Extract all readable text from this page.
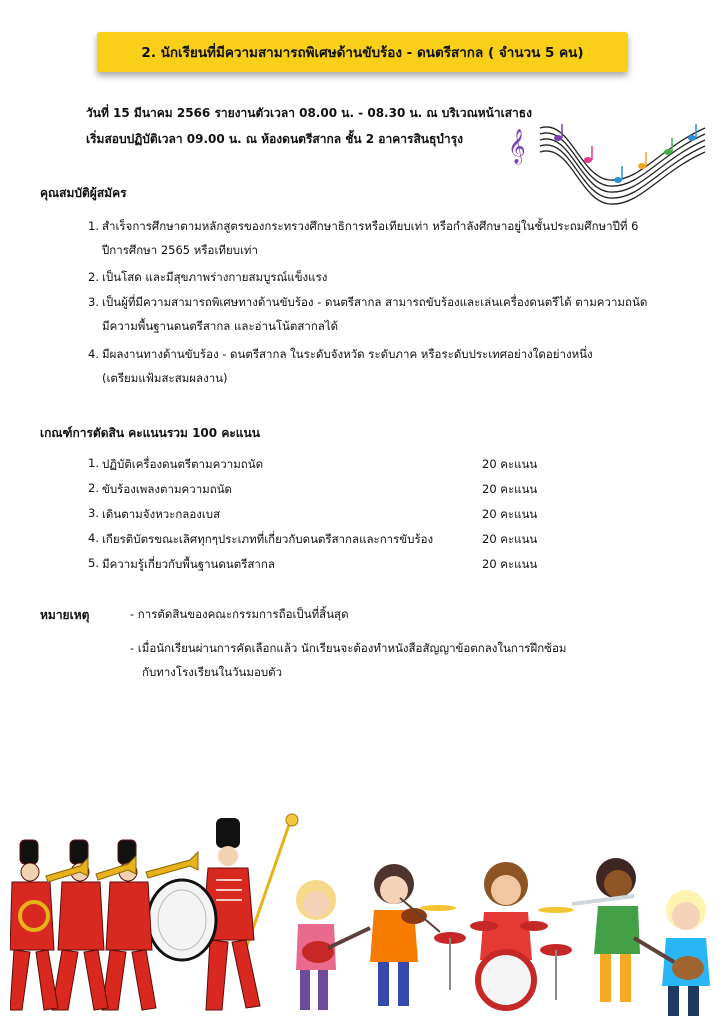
2. นักเรียนที่มีความสามารถพิเศษด้านขับร้อง - ดนตรีสากล ( จำนวน 5 คน)
วันที่ 15 มีนาคม 2566 รายงานตัวเวลา 08.00 น. - 08.30 น. ณ บริเวณหน้าเสาธง
เริ่มสอบปฏิบัติเวลา 09.00 น. ณ ห้องดนตรีสากล ชั้น 2 อาคารสินธุบำรุง 𝄞
คุณสมบัติผู้สมัคร
1. สำเร็จการศึกษาตามหลักสูตรของกระทรวงศึกษาธิการหรือเทียบเท่า หรือกำลังศึกษาอยู่ในชั้นประถมศึกษาปีที่ 6
ปีการศึกษา 2565 หรือเทียบเท่า
2. เป็นโสด และมีสุขภาพร่างกายสมบูรณ์แข็งแรง
3. เป็นผู้ที่มีความสามารถพิเศษทางด้านขับร้อง - ดนตรีสากล สามารถขับร้องและเล่นเครื่องดนตรีได้ ตามความถนัด
มีความพื้นฐานดนตรีสากล และอ่านโน้ตสากลได้
4. มีผลงานทางด้านขับร้อง - ดนตรีสากล ในระดับจังหวัด ระดับภาค หรือระดับประเทศอย่างใดอย่างหนึ่ง
(เตรียมแฟ้มสะสมผลงาน)
เกณฑ์การตัดสิน คะแนนรวม 100 คะแนน
1. ปฏิบัติเครื่องดนตรีตามความถนัด	20 คะแนน
2. ขับร้องเพลงตามความถนัด	20 คะแนน
3. เดินตามจังหวะกลองเบส	20 คะแนน
4. เกียรติบัตรขณะเลิศทุกๆประเภทที่เกี่ยวกับดนตรีสากลและการขับร้อง	20 คะแนน
5. มีความรู้เกี่ยวกับพื้นฐานดนตรีสากล	20 คะแนน
หมายเหตุ	- การตัดสินของคณะกรรมการถือเป็นที่สิ้นสุด
- เมื่อนักเรียนผ่านการคัดเลือกแล้ว นักเรียนจะต้องทำหนังสือสัญญาข้อตกลงในการฝึกซ้อม
กับทางโรงเรียนในวันมอบตัว
